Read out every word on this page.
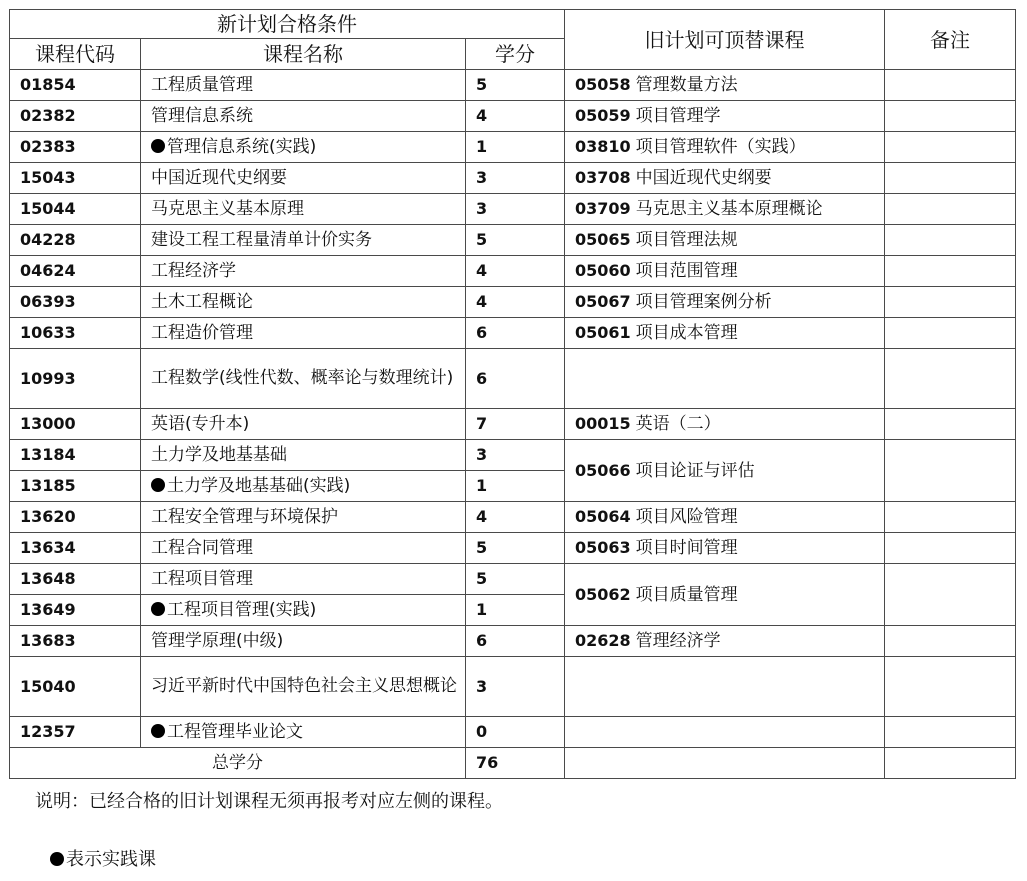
新计划合格条件			旧计划可顶替课程	备注
课程代码	课程名称	学分		
01854	工程质量管理	5	05058 管理数量方法	
02382	管理信息系统	4	05059 项目管理学	
02383	管理信息系统(实践)	1	03810 项目管理软件（实践）	
15043	中国近现代史纲要	3	03708 中国近现代史纲要	
15044	马克思主义基本原理	3	03709 马克思主义基本原理概论	
04228	建设工程工程量清单计价实务	5	05065 项目管理法规	
04624	工程经济学	4	05060 项目范围管理	
06393	土木工程概论	4	05067 项目管理案例分析	
10633	工程造价管理	6	05061 项目成本管理	
10993	工程数学(线性代数、概率论与数理统计)	6		
13000	英语(专升本)	7	00015 英语（二）	
13184	土力学及地基基础	3	05066 项目论证与评估	
13185	土力学及地基基础(实践)	1		
13620	工程安全管理与环境保护	4	05064 项目风险管理	
13634	工程合同管理	5	05063 项目时间管理	
13648	工程项目管理	5	05062 项目质量管理	
13649	工程项目管理(实践)	1		
13683	管理学原理(中级)	6	02628 管理经济学	
15040	习近平新时代中国特色社会主义思想概论	3		
12357	工程管理毕业论文	0		
总学分		76		
说明：已经合格的旧计划课程无须再报考对应左侧的课程。
表示实践课
